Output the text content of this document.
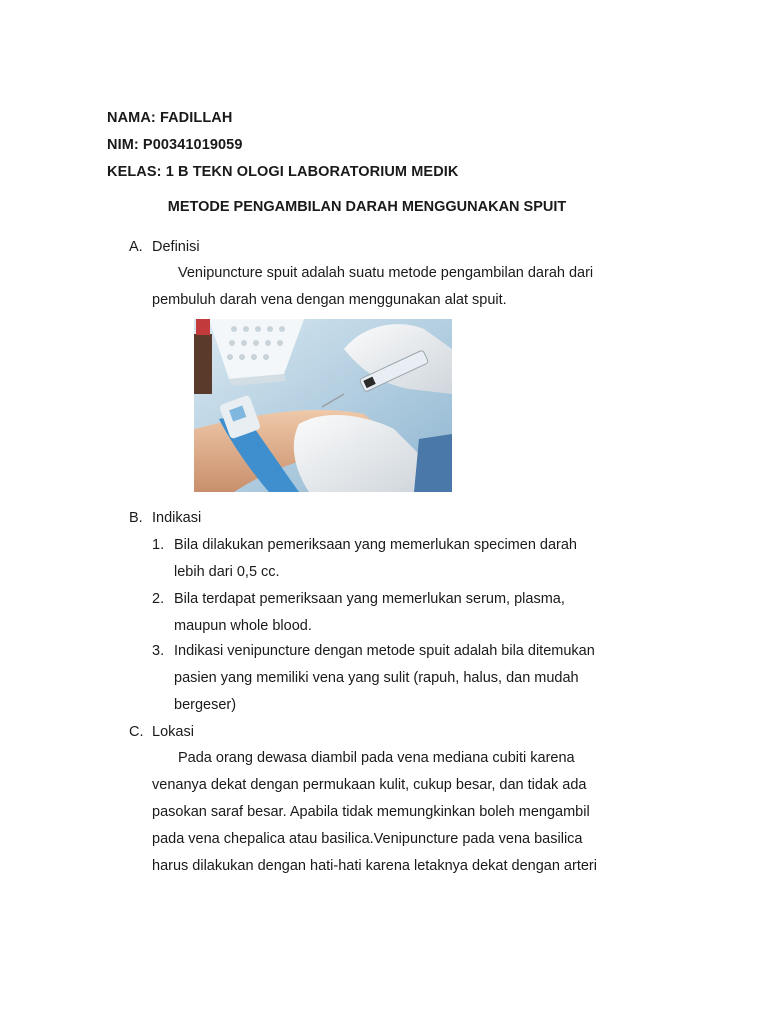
NAMA: FADILLAH
NIM: P00341019059
KELAS: 1 B TEKN OLOGI LABORATORIUM MEDIK
METODE PENGAMBILAN DARAH MENGGUNAKAN SPUIT
A. Definisi
Venipuncture spuit adalah suatu metode pengambilan darah dari
pembuluh darah vena dengan menggunakan alat spuit.
B. Indikasi
1. Bila dilakukan pemeriksaan yang memerlukan specimen darah
lebih dari 0,5 cc.
2. Bila terdapat pemeriksaan yang memerlukan serum, plasma,
maupun whole blood.
3. Indikasi venipuncture dengan metode spuit adalah bila ditemukan
pasien yang memiliki vena yang sulit (rapuh, halus, dan mudah
bergeser)
C. Lokasi
Pada orang dewasa diambil pada vena mediana cubiti karena
venanya dekat dengan permukaan kulit, cukup besar, dan tidak ada
pasokan saraf besar. Apabila tidak memungkinkan boleh mengambil
pada vena chepalica atau basilica.Venipuncture pada vena basilica
harus dilakukan dengan hati-hati karena letaknya dekat dengan arteri
